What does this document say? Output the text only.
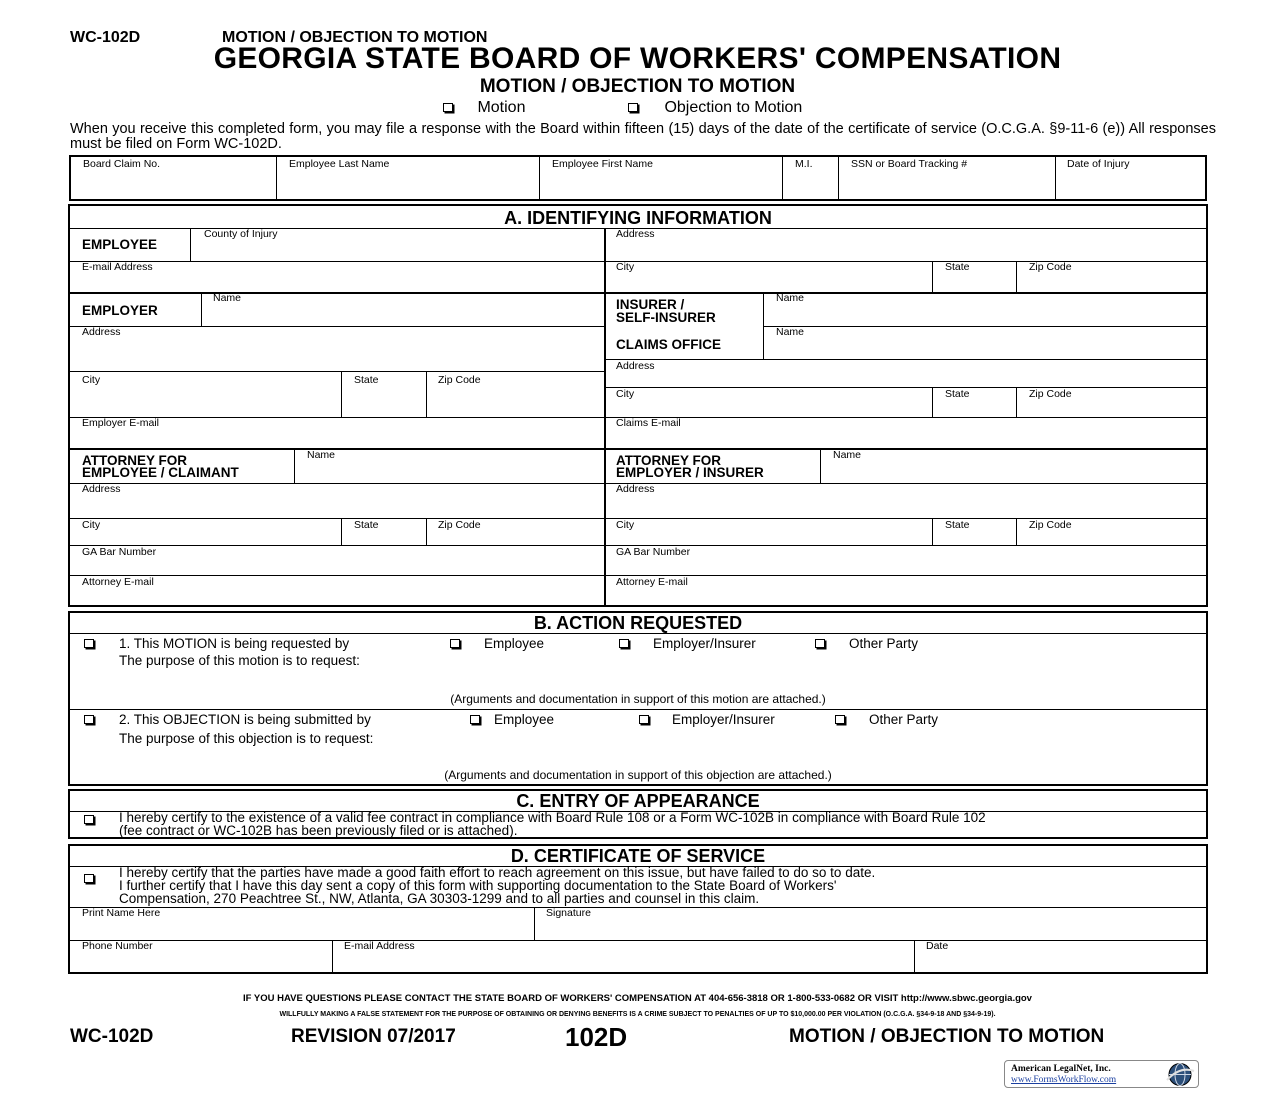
WC-102D	MOTION / OBJECTION TO MOTION
GEORGIA STATE BOARD OF WORKERS' COMPENSATION
MOTION / OBJECTION TO MOTION
Motion	Objection to Motion
When you receive this completed form, you may file a response with the Board within fifteen (15) days of the date of the certificate of service (O.C.G.A. §9-11-6 (e)) All responses must be filed on Form WC-102D.
Board Claim No.	Employee Last Name	Employee First Name	M.I.	SSN or Board Tracking #	Date of Injury
A. IDENTIFYING INFORMATION
EMPLOYEE
County of Injury
E-mail Address
EMPLOYER
Name
Address
City	State	Zip Code
Employer E-mail
ATTORNEY FOR
EMPLOYEE / CLAIMANT
Name
Address
City	State	Zip Code
GA Bar Number
Attorney E-mail
Address
City	State	Zip Code
INSURER /
SELF-INSURER
Name
CLAIMS OFFICE
Name
Address
City	State	Zip Code
Claims E-mail
ATTORNEY FOR
EMPLOYER / INSURER
Name
Address
City	State	Zip Code
GA Bar Number
Attorney E-mail
B. ACTION REQUESTED
1. This MOTION is being requested by	Employee	Employer/Insurer	Other Party
The purpose of this motion is to request:
(Arguments and documentation in support of this motion are attached.)
2. This OBJECTION is being submitted by	Employee	Employer/Insurer	Other Party
The purpose of this objection is to request:
(Arguments and documentation in support of this objection are attached.)
C. ENTRY OF APPEARANCE
I hereby certify to the existence of a valid fee contract in compliance with Board Rule 108 or a Form WC-102B in compliance with Board Rule 102
(fee contract or WC-102B has been previously filed or is attached).
D. CERTIFICATE OF SERVICE
I hereby certify that the parties have made a good faith effort to reach agreement on this issue, but have failed to do so to date.
I further certify that I have this day sent a copy of this form with supporting documentation to the State Board of Workers'
Compensation, 270 Peachtree St., NW, Atlanta, GA 30303-1299 and to all parties and counsel in this claim.
Print Name Here	Signature
Phone Number	E-mail Address	Date
IF YOU HAVE QUESTIONS PLEASE CONTACT THE STATE BOARD OF WORKERS' COMPENSATION AT 404-656-3818 OR 1-800-533-0682 OR VISIT http://www.sbwc.georgia.gov
WILLFULLY MAKING A FALSE STATEMENT FOR THE PURPOSE OF OBTAINING OR DENYING BENEFITS IS A CRIME SUBJECT TO PENALTIES OF UP TO $10,000.00 PER VIOLATION (O.C.G.A. §34-9-18 AND §34-9-19).
WC-102D	REVISION 07/2017	102D	MOTION / OBJECTION TO MOTION
American LegalNet, Inc.
www.FormsWorkFlow.com
